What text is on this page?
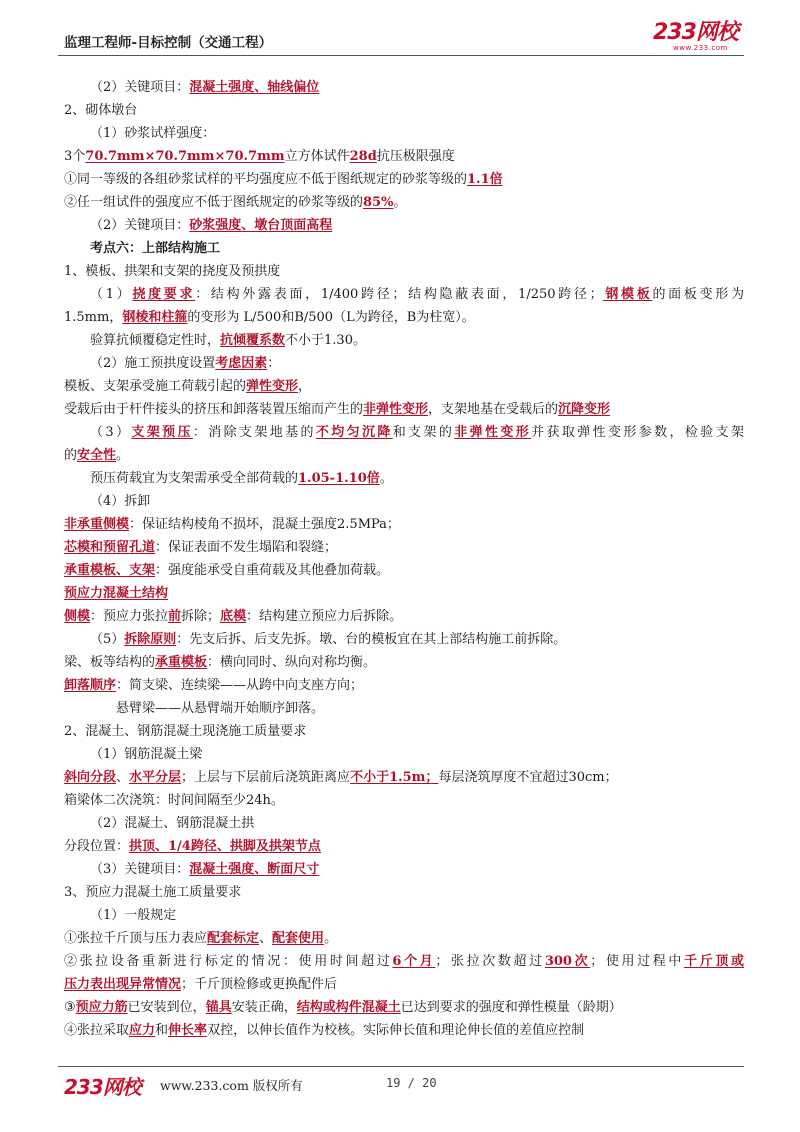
监理工程师-目标控制（交通工程）	233网校
www.233.com
（2）关键项目：混凝土强度、轴线偏位
2、砌体墩台
（1）砂浆试样强度：
3个70.7mm×70.7mm×70.7mm立方体试件28d抗压极限强度
①同一等级的各组砂浆试样的平均强度应不低于图纸规定的砂浆等级的1.1倍
②任一组试件的强度应不低于图纸规定的砂浆等级的85%。
（2）关键项目：砂浆强度、墩台顶面高程
考点六：上部结构施工
1、模板、拱架和支架的挠度及预拱度
（1）挠度要求：结构外露表面，1/400跨径；结构隐蔽表面，1/250跨径；钢模板的面板变形为
1.5mm，钢棱和柱箍的变形为 L/500和B/500（L为跨径，B为柱宽）。
验算抗倾覆稳定性时，抗倾覆系数不小于1.30。
（2）施工预拱度设置考虑因素：
模板、支架承受施工荷载引起的弹性变形，
受载后由于杆件接头的挤压和卸落装置压缩而产生的非弹性变形，支架地基在受载后的沉降变形
（3）支架预压：消除支架地基的不均匀沉降和支架的非弹性变形并获取弹性变形参数，检验支架
的安全性。
预压荷载宜为支架需承受全部荷载的1.05-1.10倍。
（4）拆卸
非承重侧模：保证结构棱角不损坏，混凝土强度2.5MPa；
芯模和预留孔道：保证表面不发生塌陷和裂缝；
承重模板、支架：强度能承受自重荷载及其他叠加荷载。
预应力混凝土结构
侧模：预应力张拉前拆除；底模：结构建立预应力后拆除。
（5）拆除原则：先支后拆、后支先拆。墩、台的模板宜在其上部结构施工前拆除。
梁、板等结构的承重模板：横向同时、纵向对称均衡。
卸落顺序：简支梁、连续梁——从跨中向支座方向；
悬臂梁——从悬臂端开始顺序卸落。
2、混凝土、钢筋混凝土现浇施工质量要求
（1）钢筋混凝土梁
斜向分段、水平分层；上层与下层前后浇筑距离应不小于1.5m；每层浇筑厚度不宜超过30cm；
箱梁体二次浇筑：时间间隔至少24h。
（2）混凝土、钢筋混凝土拱
分段位置：拱顶、1/4跨径、拱脚及拱架节点
（3）关键项目：混凝土强度、断面尺寸
3、预应力混凝土施工质量要求
（1）一般规定
①张拉千斤顶与压力表应配套标定、配套使用。
②张拉设备重新进行标定的情况：使用时间超过6个月；张拉次数超过300次；使用过程中千斤顶或
压力表出现异常情况；千斤顶检修或更换配件后
③预应力筋已安装到位，锚具安装正确，结构或构件混凝土已达到要求的强度和弹性模量（龄期）
④张拉采取应力和伸长率双控，以伸长值作为校核。实际伸长值和理论伸长值的差值应控制
233网校 www.233.com 版权所有	19 / 20
